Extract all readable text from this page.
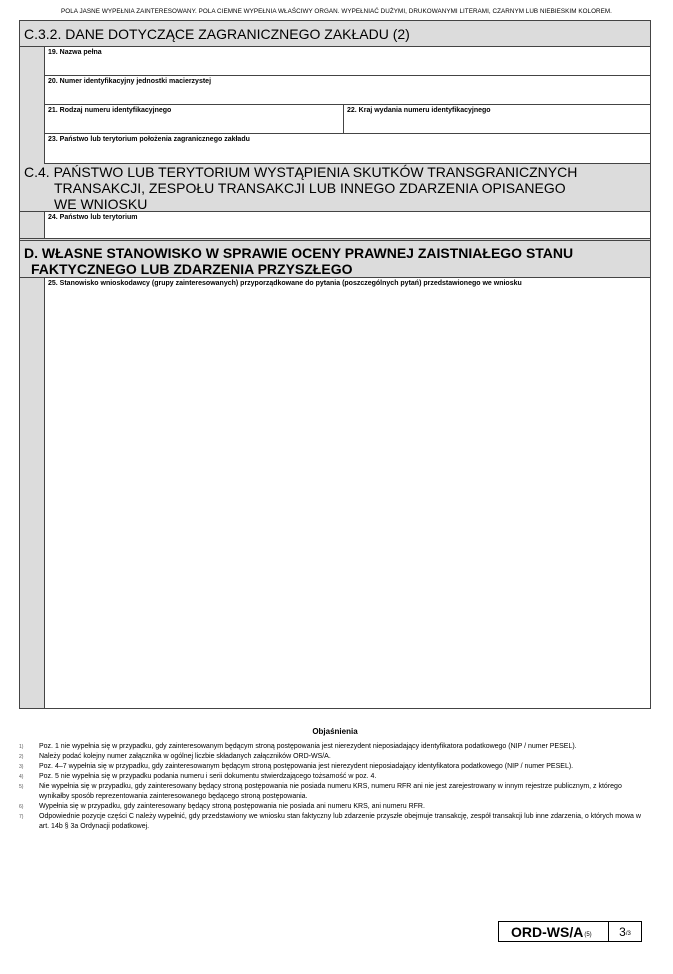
POLA JASNE WYPEŁNIA ZAINTERESOWANY. POLA CIEMNE WYPEŁNIA WŁAŚCIWY ORGAN. WYPEŁNIAĆ DUŻYMI, DRUKOWANYMI LITERAMI, CZARNYM LUB NIEBIESKIM KOLOREM.
C.3.2. DANE DOTYCZĄCE ZAGRANICZNEGO ZAKŁADU (2)
19. Nazwa pełna
20. Numer identyfikacyjny jednostki macierzystej
21. Rodzaj numeru identyfikacyjnego	22. Kraj wydania numeru identyfikacyjnego
23. Państwo lub terytorium położenia zagranicznego zakładu
C.4. PAŃSTWO LUB TERYTORIUM WYSTĄPIENIA SKUTKÓW TRANSGRANICZNYCH
TRANSAKCJI, ZESPOŁU TRANSAKCJI LUB INNEGO ZDARZENIA OPISANEGO
WE WNIOSKU
24. Państwo lub terytorium
D. WŁASNE STANOWISKO W SPRAWIE OCENY PRAWNEJ ZAISTNIAŁEGO STANU
FAKTYCZNEGO LUB ZDARZENIA PRZYSZŁEGO
25. Stanowisko wnioskodawcy (grupy zainteresowanych) przyporządkowane do pytania (poszczególnych pytań) przedstawionego we wniosku
Objaśnienia
1)	Poz. 1 nie wypełnia się w przypadku, gdy zainteresowanym będącym stroną postępowania jest nierezydent nieposiadający identyfikatora podatkowego (NIP / numer PESEL).
2)	Należy podać kolejny numer załącznika w ogólnej liczbie składanych załączników ORD-WS/A.
3)	Poz. 4–7 wypełnia się w przypadku, gdy zainteresowanym będącym stroną postępowania jest nierezydent nieposiadający identyfikatora podatkowego (NIP / numer PESEL).
4)	Poz. 5 nie wypełnia się w przypadku podania numeru i serii dokumentu stwierdzającego tożsamość w poz. 4.
5)	Nie wypełnia się w przypadku, gdy zainteresowany będący stroną postępowania nie posiada numeru KRS, numeru RFR ani nie jest zarejestrowany w innym rejestrze publicznym, z którego wynikałby sposób reprezentowania zainteresowanego będącego stroną postępowania.
6)	Wypełnia się w przypadku, gdy zainteresowany będący stroną postępowania nie posiada ani numeru KRS, ani numeru RFR.
7)	Odpowiednie pozycje części C należy wypełnić, gdy przedstawiony we wniosku stan faktyczny lub zdarzenie przyszłe obejmuje transakcję, zespół transakcji lub inne zdarzenia, o których mowa w art. 14b § 3a Ordynacji podatkowej.
ORD-WS/A (5) 3 /3
